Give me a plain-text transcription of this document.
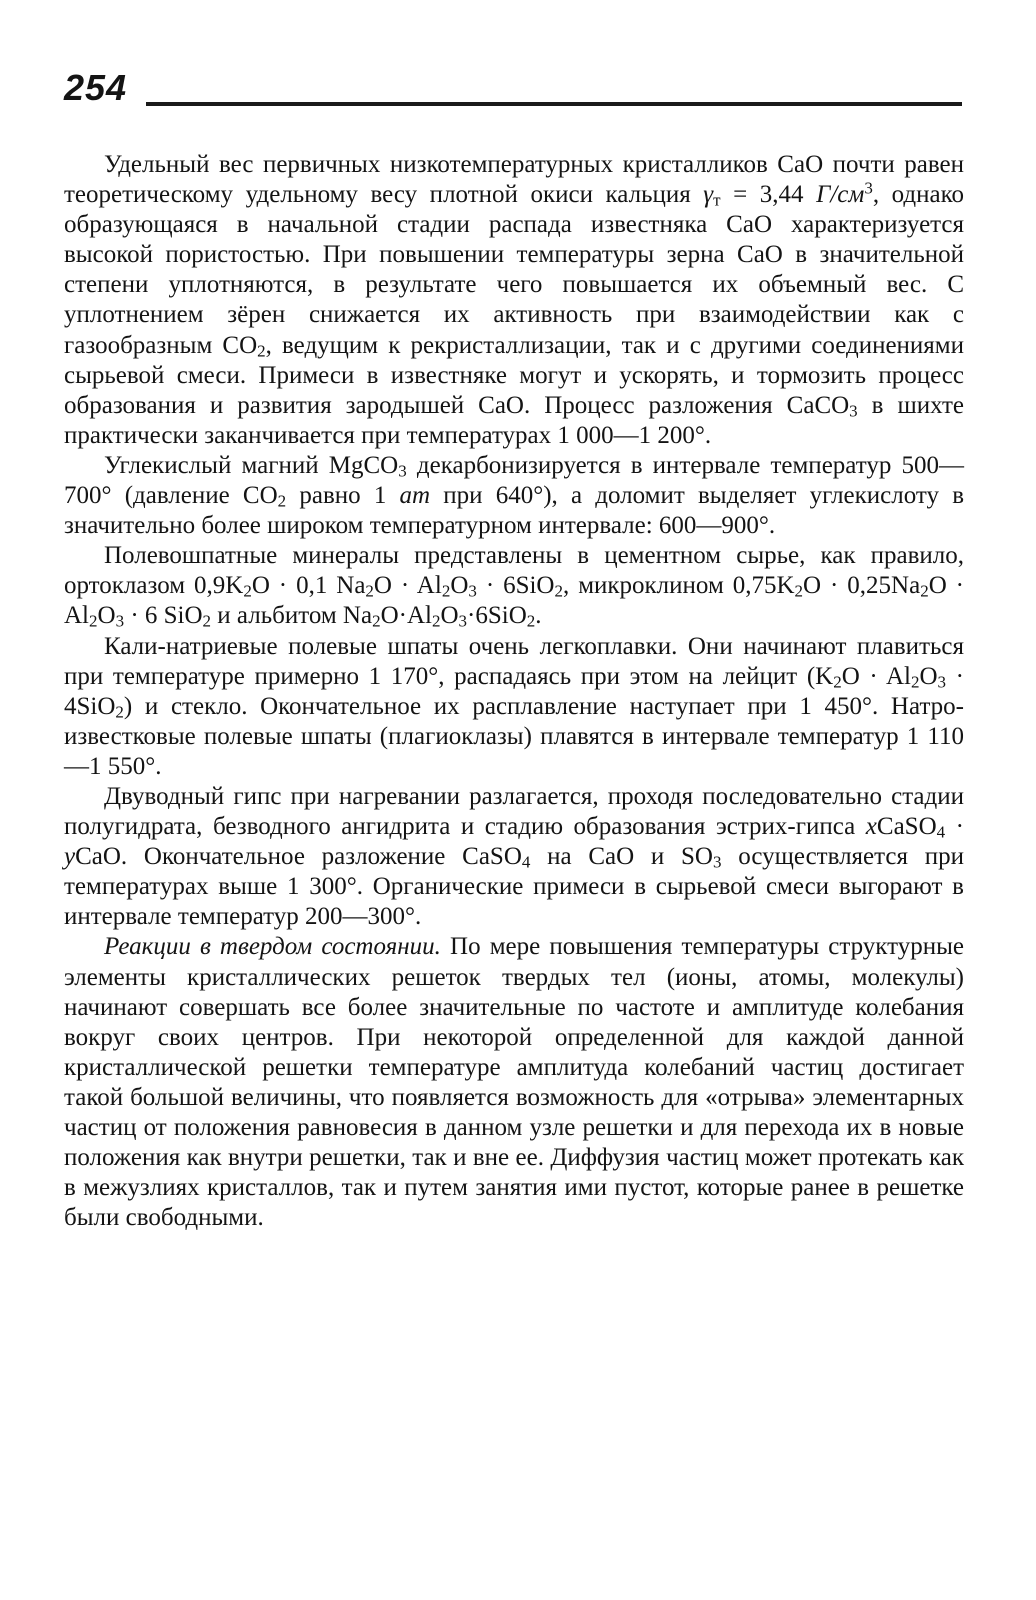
254

Удельный вес первичных низкотемпературных кристалликов СаО почти равен теоретическому удельному весу плотной окиси кальция $\gamma_т = 3,44$ $Г/см^3$, однако образующаяся в начальной стадии распада известняка СаО характеризуется высокой пористостью. При повышении температуры зерна СаО в значительной степени уплотняются, в результате чего повышается их объемный вес. С уплотнением зёрен снижается их активность при взаимодействии как с газообразным $СО_2$, ведущим к рекристаллизации, так и с другими соединениями сырьевой смеси. Примеси в известняке могут и ускорять, и тормозить процесс образования и развития зародышей СаО. Процесс разложения СаСО$_3$ в шихте практически заканчивается при температурах 1 000—1 200°.

Углекислый магний MgCO$_3$ декарбонизируется в интервале температур 500—700° (давление $СО_2$ равно 1 ат при 640°), а доломит выделяет углекислоту в значительно более широком температурном интервале: 600—900°.

Полевошпатные минералы представлены в цементном сырье, как правило, ортоклазом $0,9K_2O \cdot 0,1$ $Na_2O \cdot Al_2O_3 \cdot 6SiO_2$, микроклином $0,75K_2O \cdot 0,25Na_2O \cdot Al_2O_3 \cdot 6$ SiO$_2$ и альбитом $Na_2O\cdot Al_2O_3\cdot 6SiO_2$.

Кали-натриевые полевые шпаты очень легкоплавки. Они начинают плавиться при температуре примерно 1 170°, распадаясь при этом на лейцит $(K_2O \cdot Al_2O_3 \cdot 4SiO_2)$ и стекло. Окончательное их расплавление наступает при 1 450°. Натро-известковые полевые шпаты (плагиоклазы) плавятся в интервале температур 1 110—1 550°.

Двуводный гипс при нагревании разлагается, проходя последовательно стадии полугидрата, безводного ангидрита и стадию образования эстрих-гипса xCaSO$_4$ · yCaO. Окончательное разложение CaSO$_4$ на СаО и $SO_3$ осуществляется при температурах выше 1 300°. Органические примеси в сырьевой смеси выгорают в интервале температур 200—300°.

Реакции в твердом состоянии. По мере повышения температуры структурные элементы кристаллических решеток твердых тел (ионы, атомы, молекулы) начинают совершать все более значительные по частоте и амплитуде колебания вокруг своих центров. При некоторой определенной для каждой данной кристаллической решетки температуре амплитуда колебаний частиц достигает такой большой величины, что появляется возможность для «отрыва» элементарных частиц от положения равновесия в данном узле решетки и для перехода их в новые положения как внутри решетки, так и вне ее. Диффузия частиц может протекать как в межузлиях кристаллов, так и путем занятия ими пустот, которые ранее в решетке были свободными.
